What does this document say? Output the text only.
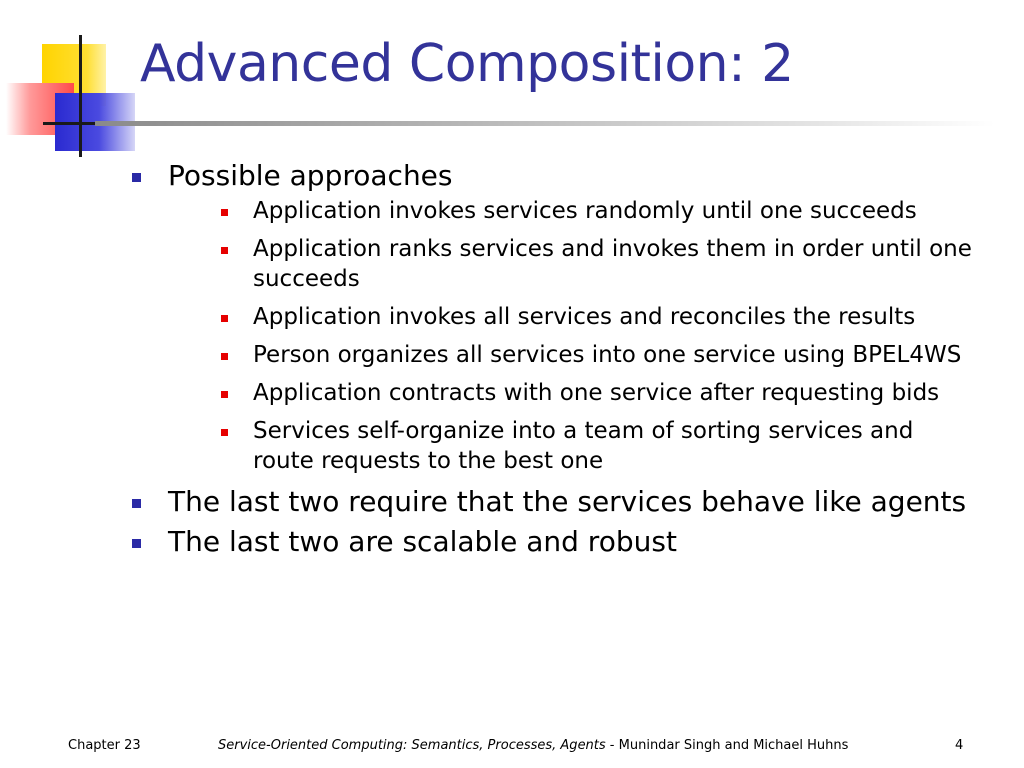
Advanced Composition: 2
Possible approaches
Application invokes services randomly until one succeeds
Application ranks services and invokes them in order until one succeeds
Application invokes all services and reconciles the results
Person organizes all services into one service using BPEL4WS
Application contracts with one service after requesting bids
Services self-organize into a team of sorting services and route requests to the best one
The last two require that the services behave like agents
The last two are scalable and robust
Chapter 23	Service-Oriented Computing: Semantics, Processes, Agents - Munindar Singh and Michael Huhns	4
